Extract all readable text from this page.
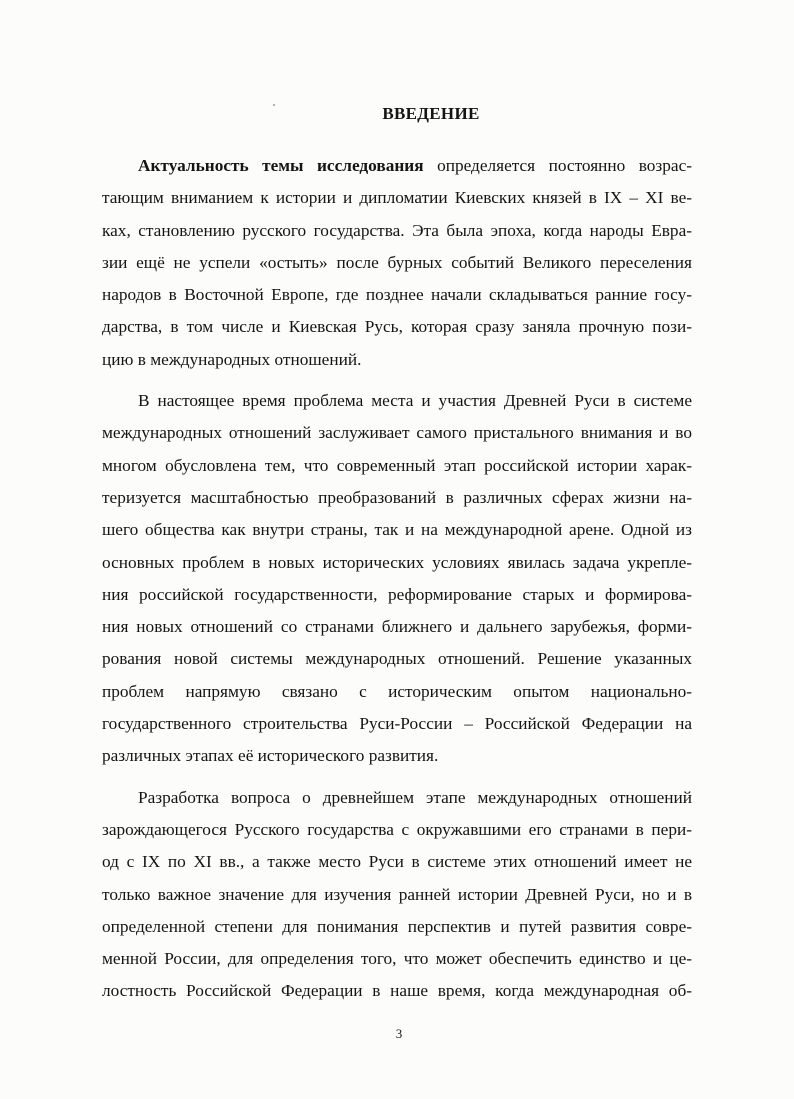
ВВЕДЕНИЕ
Актуальность темы исследования определяется постоянно возрас-
тающим вниманием к истории и дипломатии Киевских князей в IX – XI ве-
ках, становлению русского государства. Эта была эпоха, когда народы Евра-
зии ещё не успели «остыть» после бурных событий Великого переселения
народов в Восточной Европе, где позднее начали складываться ранние госу-
дарства, в том числе и Киевская Русь, которая сразу заняла прочную пози-
цию в международных отношений.
В настоящее время проблема места и участия Древней Руси в системе
международных отношений заслуживает самого пристального внимания и во
многом обусловлена тем, что современный этап российской истории харак-
теризуется масштабностью преобразований в различных сферах жизни на-
шего общества как внутри страны, так и на международной арене. Одной из
основных проблем в новых исторических условиях явилась задача укрепле-
ния российской государственности, реформирование старых и формирова-
ния новых отношений со странами ближнего и дальнего зарубежья, форми-
рования новой системы международных отношений. Решение указанных
проблем напрямую связано с историческим опытом национально-
государственного строительства Руси-России – Российской Федерации на
различных этапах её исторического развития.
Разработка вопроса о древнейшем этапе международных отношений
зарождающегося Русского государства с окружавшими его странами в пери-
од с IX по XI вв., а также место Руси в системе этих отношений имеет не
только важное значение для изучения ранней истории Древней Руси, но и в
определенной степени для понимания перспектив и путей развития совре-
менной России, для определения того, что может обеспечить единство и це-
лостность Российской Федерации в наше время, когда международная об-
3
